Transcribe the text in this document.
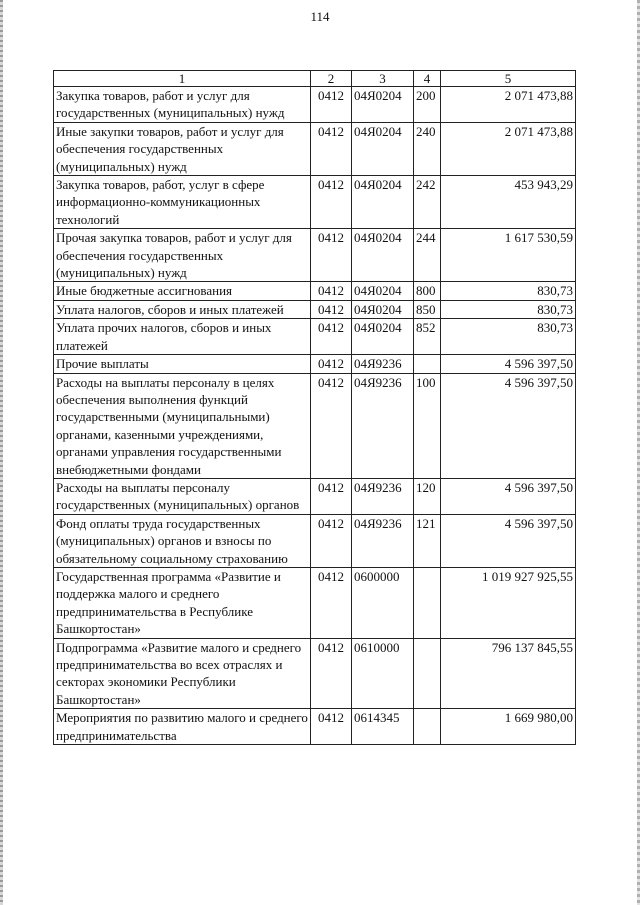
114
1	2	3	4	5
Закупка товаров, работ и услуг для государственных (муниципальных) нужд	0412	04Я0204	200	2 071 473,88
Иные закупки товаров, работ и услуг для обеспечения государственных (муниципальных) нужд	0412	04Я0204	240	2 071 473,88
Закупка товаров, работ, услуг в сфере информационно-коммуникационных технологий	0412	04Я0204	242	453 943,29
Прочая закупка товаров, работ и услуг для обеспечения государственных (муниципальных) нужд	0412	04Я0204	244	1 617 530,59
Иные бюджетные ассигнования	0412	04Я0204	800	830,73
Уплата налогов, сборов и иных платежей	0412	04Я0204	850	830,73
Уплата прочих налогов, сборов и иных платежей	0412	04Я0204	852	830,73
Прочие выплаты	0412	04Я9236		4 596 397,50
Расходы на выплаты персоналу в целях обеспечения выполнения функций государственными (муниципальными) органами, казенными учреждениями, органами управления государственными внебюджетными фондами	0412	04Я9236	100	4 596 397,50
Расходы на выплаты персоналу государственных (муниципальных) органов	0412	04Я9236	120	4 596 397,50
Фонд оплаты труда государственных (муниципальных) органов и взносы по обязательному социальному страхованию	0412	04Я9236	121	4 596 397,50
Государственная программа «Развитие и поддержка малого и среднего предпринимательства в Республике Башкортостан»	0412	0600000		1 019 927 925,55
Подпрограмма «Развитие малого и среднего предпринимательства во всех отраслях и секторах экономики Республики Башкортостан»	0412	0610000		796 137 845,55
Мероприятия по развитию малого и среднего предпринимательства	0412	0614345		1 669 980,00
